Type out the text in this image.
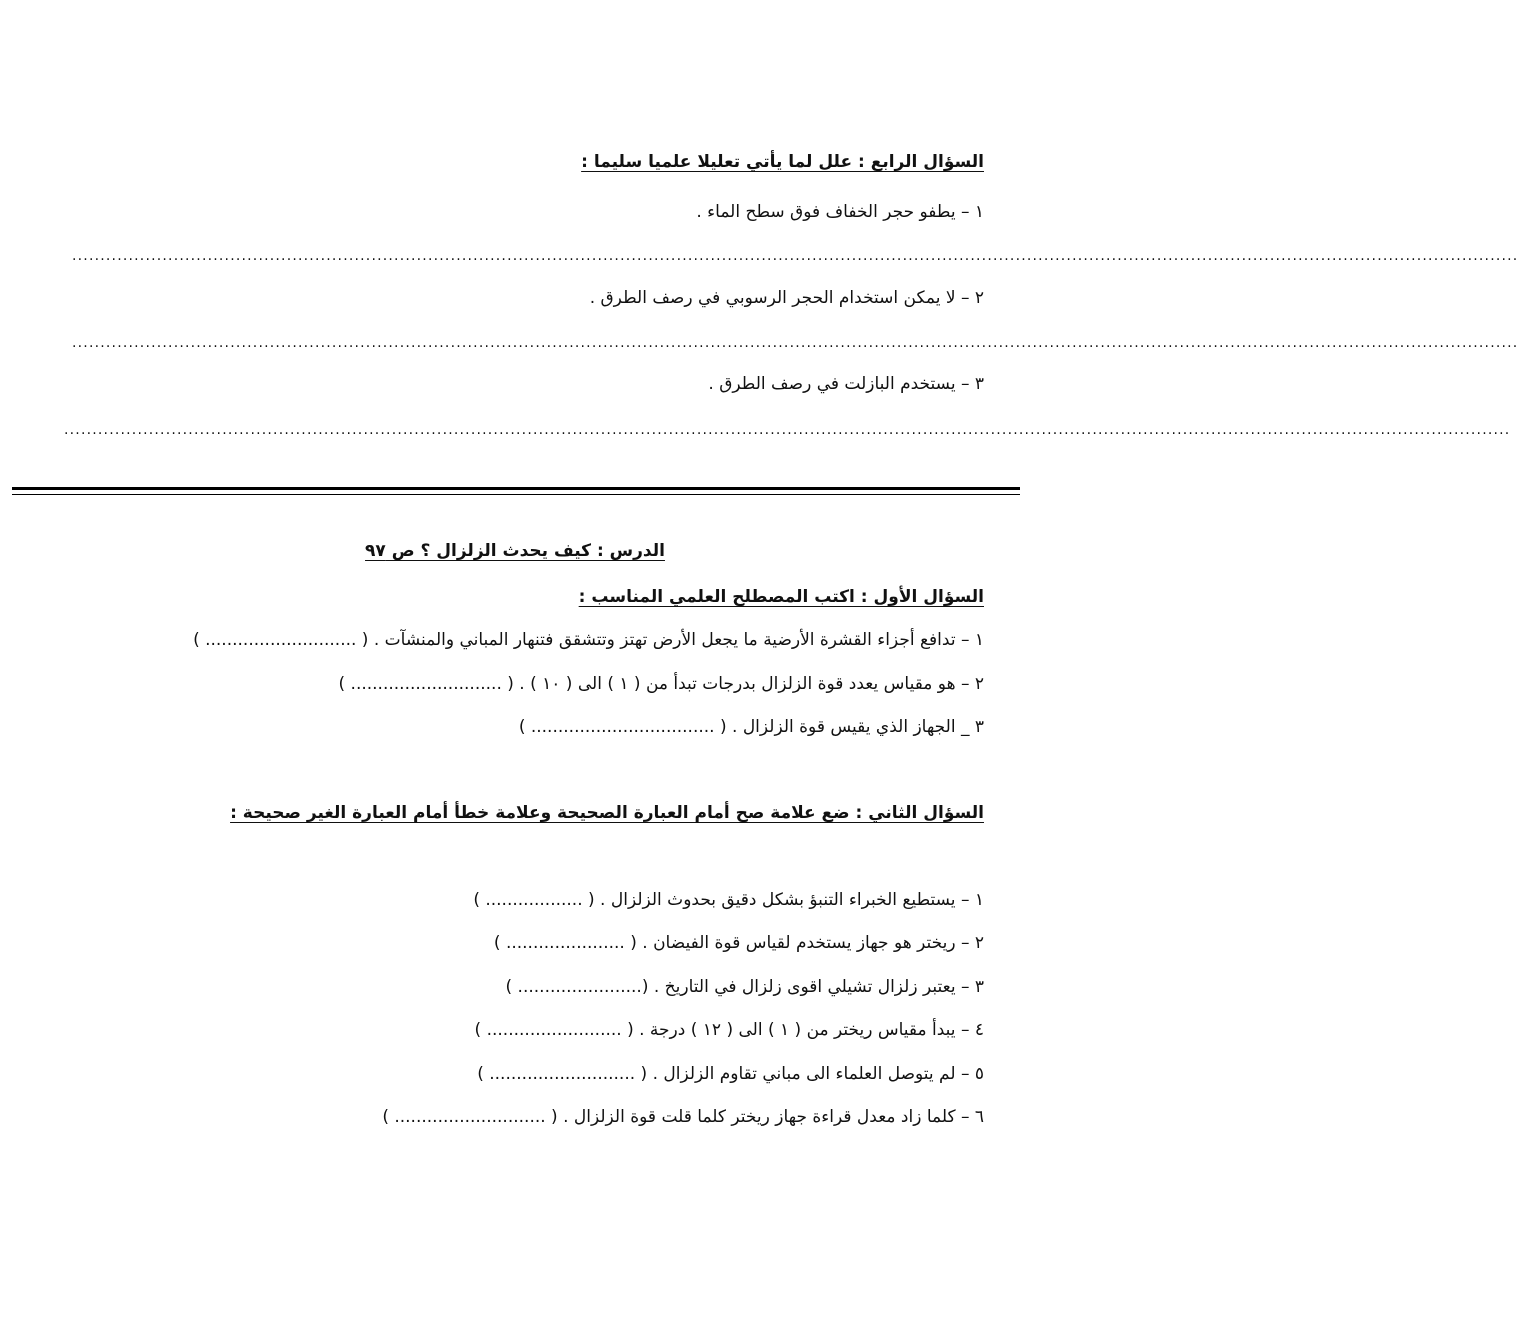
السؤال الرابع : علل لما يأتي تعليلا علميا سليما :
١ – يطفو حجر الخفاف فوق سطح الماء .
................................................................................................................................................................................................................................................................
٢ – لا يمكن استخدام الحجر الرسوبي في رصف الطرق .
................................................................................................................................................................................................................................................................
٣ – يستخدم البازلت في رصف الطرق .
................................................................................................................................................................................................................................................................
الدرس : كيف يحدث الزلزال ؟ ص ٩٧
السؤال الأول : اكتب المصطلح العلمي المناسب :
١ – تدافع أجزاء القشرة الأرضية ما يجعل الأرض تهتز وتتشقق فتنهار المباني والمنشآت . ( ............................ )
٢ – هو مقياس يعدد قوة الزلزال بدرجات تبدأ من ( ١ ) الى ( ١٠ ) . ( ............................ )
٣ _ الجهاز الذي يقيس قوة الزلزال . ( .................................. )
السؤال الثاني : ضع علامة صح أمام العبارة الصحيحة وعلامة خطأ أمام العبارة الغير صحيحة :
١ – يستطيع الخبراء التنبؤ بشكل دقيق بحدوث الزلزال . ( .................. )
٢ – ريختر هو جهاز يستخدم لقياس قوة الفيضان . ( ...................... )
٣ – يعتبر زلزال تشيلي اقوى زلزال في التاريخ . (....................... )
٤ – يبدأ مقياس ريختر من ( ١ ) الى ( ١٢ ) درجة . ( ......................... )
٥ – لم يتوصل العلماء الى مباني تقاوم الزلزال . ( ........................... )
٦ – كلما زاد معدل قراءة جهاز ريختر كلما قلت قوة الزلزال . ( ............................ )
